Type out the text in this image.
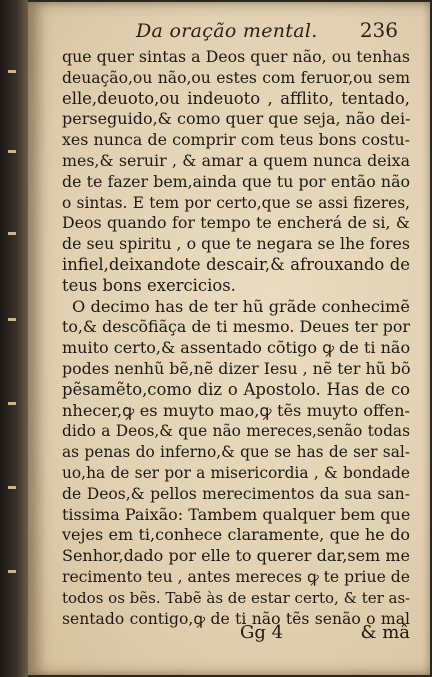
Da oração mental. 236
que quer sintas a Deos quer não, ou tenhas
deuação,ou não,ou estes com feruor,ou sem
elle,deuoto,ou indeuoto , afflito, tentado,
perseguido,& como quer que seja, não dei-
xes nunca de comprir com teus bons costu-
mes,& seruir , & amar a quem nunca deixa
de te fazer bem,ainda que tu por então não
o sintas. E tem por certo,que se assi fizeres,
Deos quando for tempo te encherá de si, &
de seu spiritu , o que te negara se lhe fores
infiel,deixandote descair,& afrouxando de
teus bons exercicios.
O decimo has de ter hũ grãde conhecimẽ
to,& descõfiãça de ti mesmo. Deues ter por
muito certo,& assentado cõtigo ꝙ de ti não
podes nenhũ bẽ,nẽ dizer Iesu , nẽ ter hũ bõ
pẽsamẽto,como diz o Apostolo. Has de co
nhecer,ꝙ es muyto mao,ꝙ tẽs muyto offen-
dido a Deos,& que não mereces,senão todas
as penas do inferno,& que se has de ser sal-
uo,ha de ser por a misericordia , & bondade
de Deos,& pellos merecimentos da sua san-
tissima Paixão: Tambem qualquer bem que
vejes em ti,conhece claramente, que he do
Senhor,dado por elle to querer dar,sem me
recimento teu , antes mereces ꝙ te priue de
todos os bẽs. Tabẽ às de estar certo, & ter as-
sentado contigo,ꝙ de ti não tẽs senão o mal
Gg 4	& mâ
